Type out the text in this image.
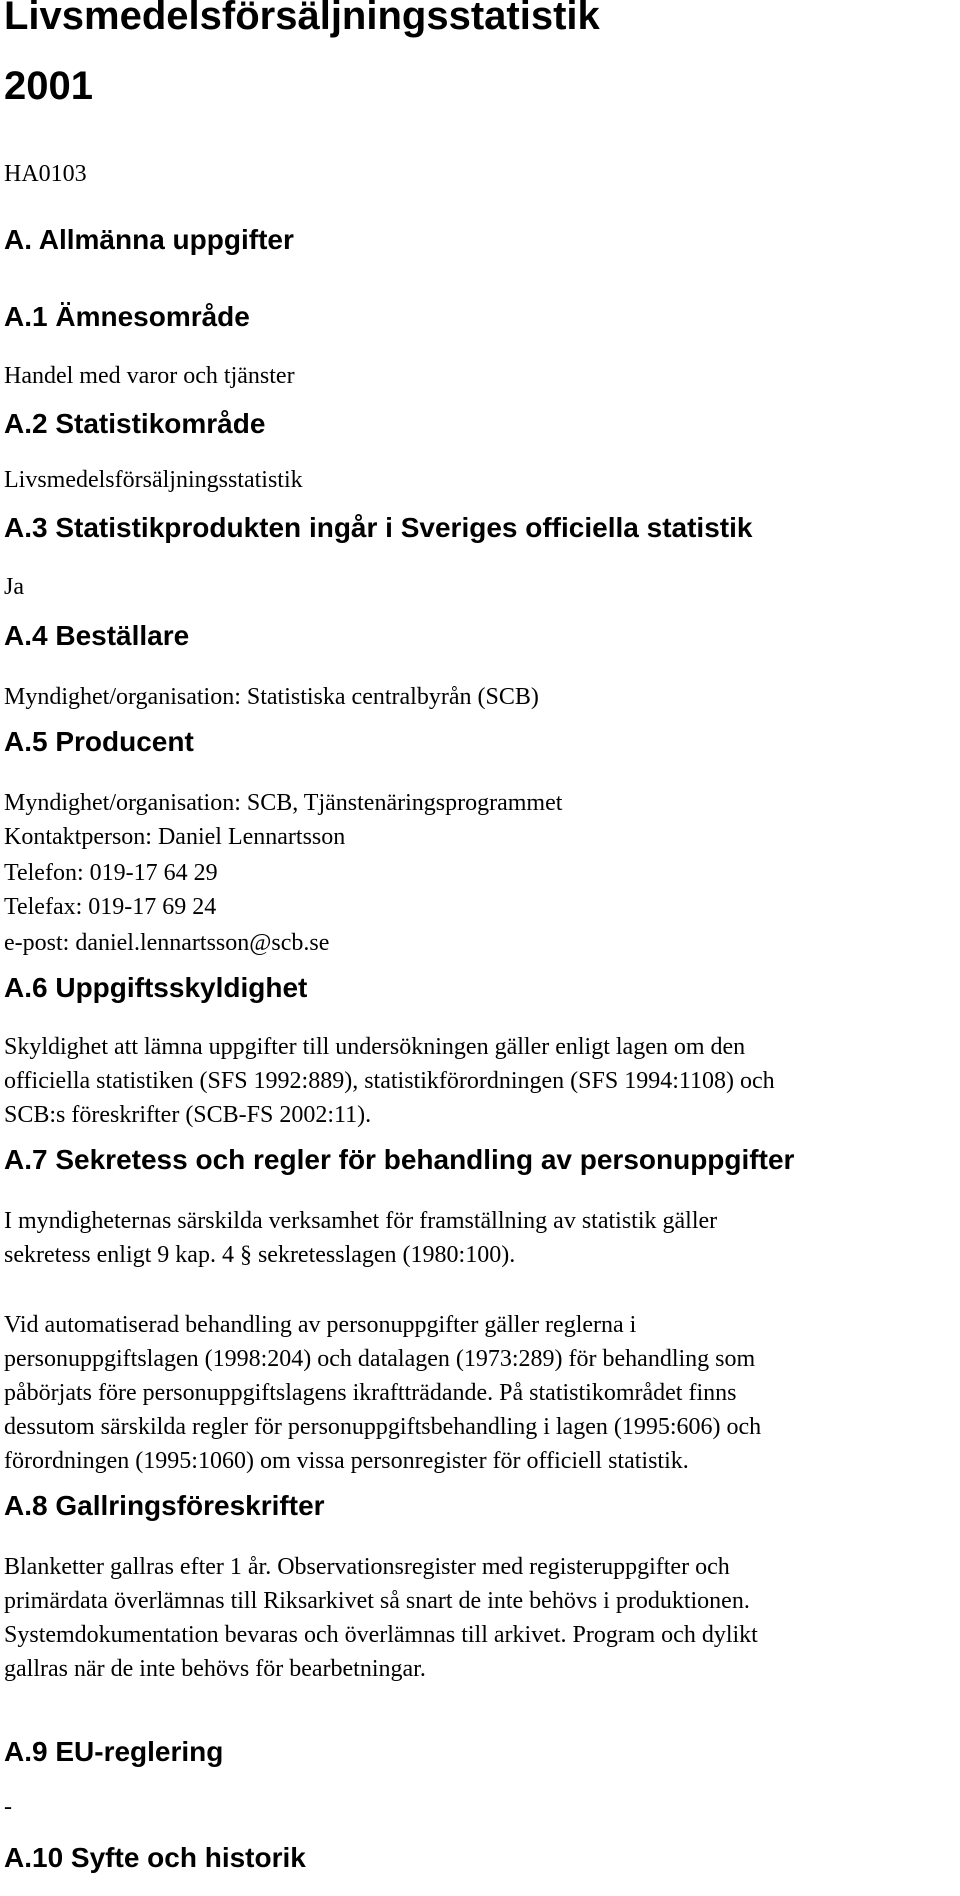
Livsmedelsförsäljningsstatistik
2001
HA0103
A. Allmänna uppgifter
A.1 Ämnesområde
Handel med varor och tjänster
A.2 Statistikområde
Livsmedelsförsäljningsstatistik
A.3 Statistikprodukten ingår i Sveriges officiella statistik
Ja
A.4 Beställare
Myndighet/organisation: Statistiska centralbyrån (SCB)
A.5 Producent
Myndighet/organisation: SCB, Tjänstenäringsprogrammet
Kontaktperson: Daniel Lennartsson
Telefon: 019-17 64 29
Telefax: 019-17 69 24
e-post: daniel.lennartsson@scb.se
A.6 Uppgiftsskyldighet
Skyldighet att lämna uppgifter till undersökningen gäller enligt lagen om den
officiella statistiken (SFS 1992:889), statistikförordningen (SFS 1994:1108) och
SCB:s föreskrifter (SCB-FS 2002:11).
A.7 Sekretess och regler för behandling av personuppgifter
I myndigheternas särskilda verksamhet för framställning av statistik gäller
sekretess enligt 9 kap. 4 § sekretesslagen (1980:100).
Vid automatiserad behandling av personuppgifter gäller reglerna i
personuppgiftslagen (1998:204) och datalagen (1973:289) för behandling som
påbörjats före personuppgiftslagens ikraftträdande. På statistikområdet finns
dessutom särskilda regler för personuppgiftsbehandling i lagen (1995:606) och
förordningen (1995:1060) om vissa personregister för officiell statistik.
A.8 Gallringsföreskrifter
Blanketter gallras efter 1 år. Observationsregister med registeruppgifter och
primärdata överlämnas till Riksarkivet så snart de inte behövs i produktionen.
Systemdokumentation bevaras och överlämnas till arkivet. Program och dylikt
gallras när de inte behövs för bearbetningar.
A.9 EU-reglering
-
A.10 Syfte och historik
